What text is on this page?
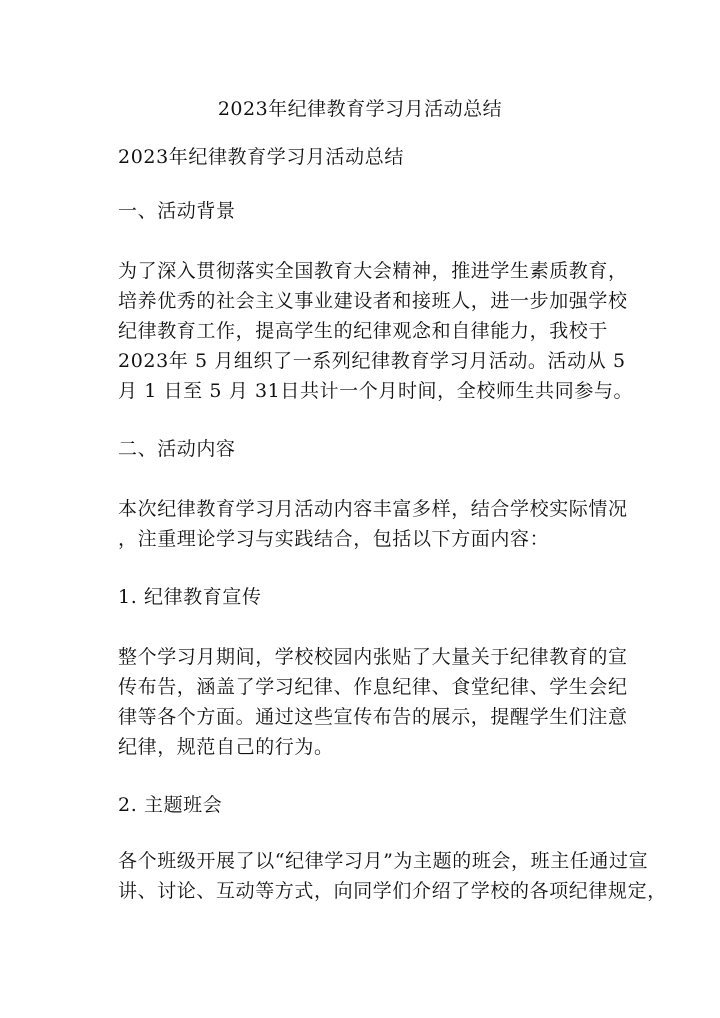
2023年纪律教育学习月活动总结

2023年纪律教育学习月活动总结

一、活动背景

为了深入贯彻落实全国教育大会精神，推进学生素质教育，

培养优秀的社会主义事业建设者和接班人，进一步加强学校

纪律教育工作，提高学生的纪律观念和自律能力，我校于

2023年 5 月组织了一系列纪律教育学习月活动。活动从 5

月 1 日至 5 月 31日共计一个月时间，全校师生共同参与。

二、活动内容

本次纪律教育学习月活动内容丰富多样，结合学校实际情况

，注重理论学习与实践结合，包括以下方面内容：

1. 纪律教育宣传

整个学习月期间，学校校园内张贴了大量关于纪律教育的宣

传布告，涵盖了学习纪律、作息纪律、食堂纪律、学生会纪

律等各个方面。通过这些宣传布告的展示，提醒学生们注意

纪律，规范自己的行为。

2. 主题班会

各个班级开展了以“纪律学习月”为主题的班会，班主任通过宣

讲、讨论、互动等方式，向同学们介绍了学校的各项纪律规定，
